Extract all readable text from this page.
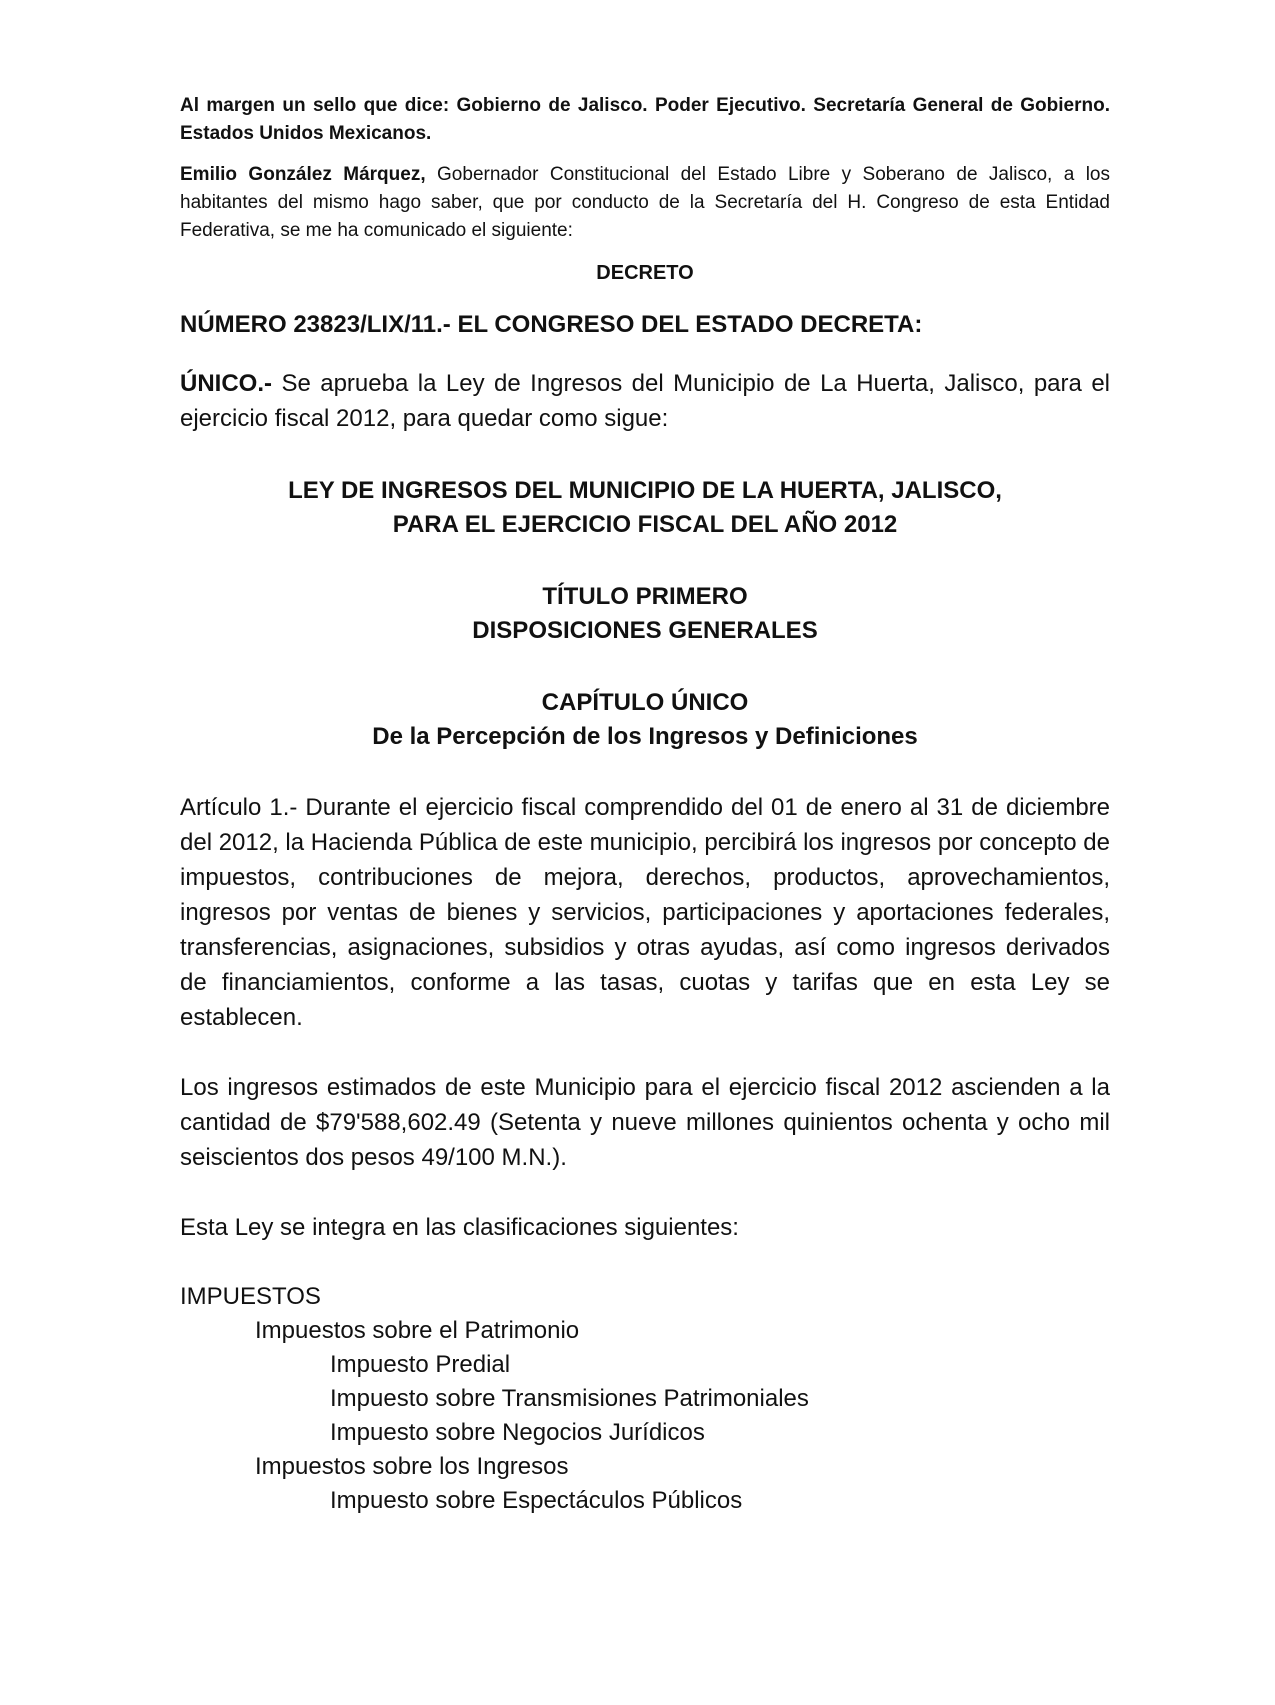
Al margen un sello que dice: Gobierno de Jalisco. Poder Ejecutivo. Secretaría General de Gobierno. Estados Unidos Mexicanos.

Emilio González Márquez, Gobernador Constitucional del Estado Libre y Soberano de Jalisco, a los habitantes del mismo hago saber, que por conducto de la Secretaría del H. Congreso de esta Entidad Federativa, se me ha comunicado el siguiente:

DECRETO

NÚMERO 23823/LIX/11.- EL CONGRESO DEL ESTADO DECRETA:

ÚNICO.- Se aprueba la Ley de Ingresos del Municipio de La Huerta, Jalisco, para el ejercicio fiscal 2012, para quedar como sigue:

LEY DE INGRESOS DEL MUNICIPIO DE LA HUERTA, JALISCO,
PARA EL EJERCICIO FISCAL DEL AÑO 2012
TÍTULO PRIMERO
DISPOSICIONES GENERALES
CAPÍTULO ÚNICO
De la Percepción de los Ingresos y Definiciones

Artículo 1.- Durante el ejercicio fiscal comprendido del 01 de enero al 31 de diciembre del 2012, la Hacienda Pública de este municipio, percibirá los ingresos por concepto de impuestos, contribuciones de mejora, derechos, productos, aprovechamientos, ingresos por ventas de bienes y servicios, participaciones y aportaciones federales, transferencias, asignaciones, subsidios y otras ayudas, así como ingresos derivados de financiamientos, conforme a las tasas, cuotas y tarifas que en esta Ley se establecen.

Los ingresos estimados de este Municipio para el ejercicio fiscal 2012 ascienden a la cantidad de $79'588,602.49 (Setenta y nueve millones quinientos ochenta y ocho mil seiscientos dos pesos 49/100 M.N.).

Esta Ley se integra en las clasificaciones siguientes:

IMPUESTOS
Impuestos sobre el Patrimonio
Impuesto Predial
Impuesto sobre Transmisiones Patrimoniales
Impuesto sobre Negocios Jurídicos
Impuestos sobre los Ingresos
Impuesto sobre Espectáculos Públicos
